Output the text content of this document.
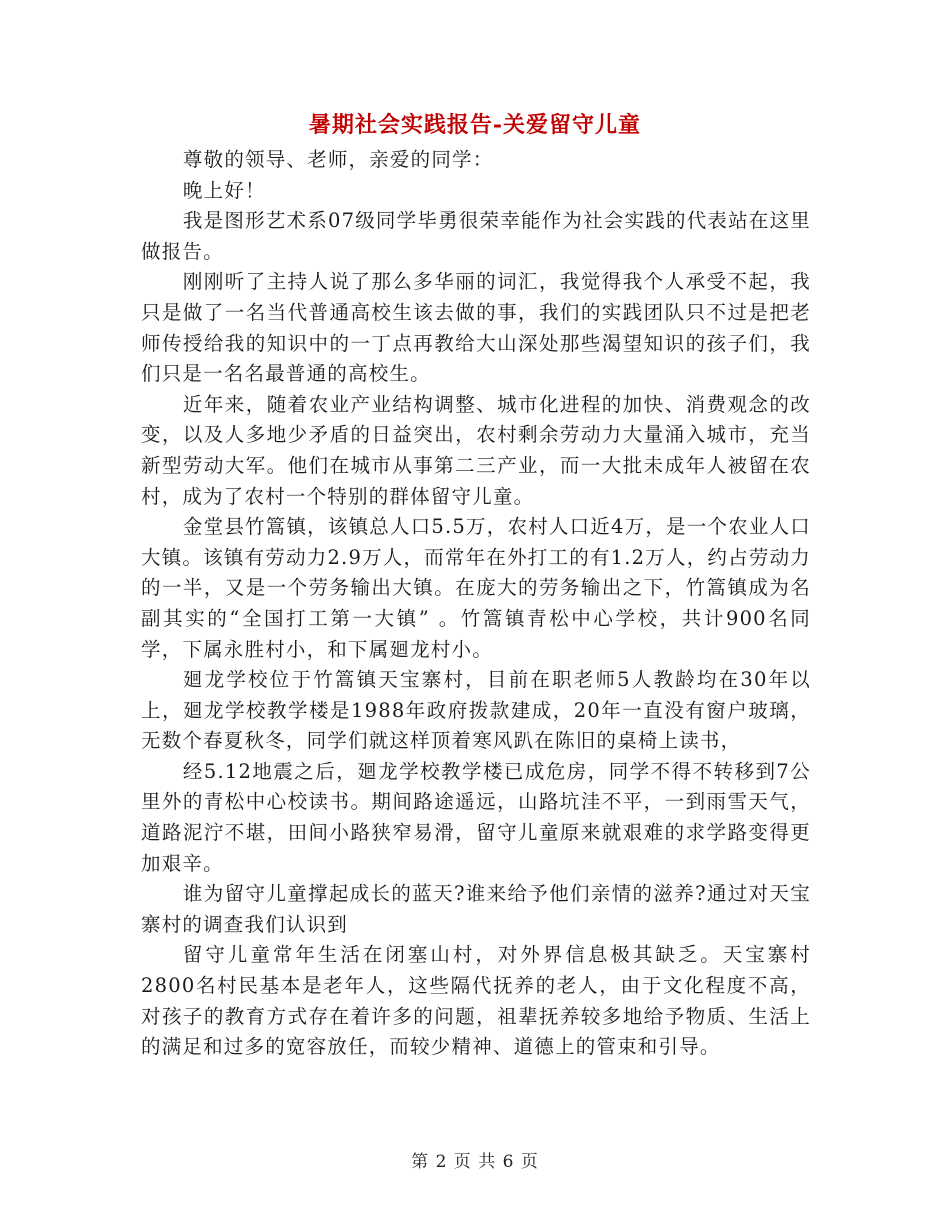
暑期社会实践报告-关爱留守儿童

尊敬的领导、老师，亲爱的同学：

晚上好！

我是图形艺术系07级同学毕勇很荣幸能作为社会实践的代表站在这里做报告。

刚刚听了主持人说了那么多华丽的词汇，我觉得我个人承受不起，我只是做了一名当代普通高校生该去做的事，我们的实践团队只不过是把老师传授给我的知识中的一丁点再教给大山深处那些渴望知识的孩子们，我们只是一名名最普通的高校生。

近年来，随着农业产业结构调整、城市化进程的加快、消费观念的改变，以及人多地少矛盾的日益突出，农村剩余劳动力大量涌入城市，充当新型劳动大军。他们在城市从事第二三产业，而一大批未成年人被留在农村，成为了农村一个特别的群体留守儿童。

金堂县竹篙镇，该镇总人口5.5万，农村人口近4万，是一个农业人口大镇。该镇有劳动力2.9万人，而常年在外打工的有1.2万人，约占劳动力的一半，又是一个劳务输出大镇。在庞大的劳务输出之下，竹篙镇成为名副其实的“全国打工第一大镇” 。竹篙镇青松中心学校，共计900名同学，下属永胜村小，和下属廻龙村小。

廻龙学校位于竹篙镇天宝寨村，目前在职老师5人教龄均在30年以上，廻龙学校教学楼是1988年政府拨款建成，20年一直没有窗户玻璃，无数个春夏秋冬，同学们就这样顶着寒风趴在陈旧的桌椅上读书，

经5.12地震之后，廻龙学校教学楼已成危房，同学不得不转移到7公里外的青松中心校读书。期间路途遥远，山路坑洼不平，一到雨雪天气，道路泥泞不堪，田间小路狭窄易滑，留守儿童原来就艰难的求学路变得更加艰辛。

谁为留守儿童撑起成长的蓝天?谁来给予他们亲情的滋养?通过对天宝寨村的调查我们认识到

留守儿童常年生活在闭塞山村，对外界信息极其缺乏。天宝寨村2800名村民基本是老年人，这些隔代抚养的老人，由于文化程度不高，对孩子的教育方式存在着许多的问题，祖辈抚养较多地给予物质、生活上的满足和过多的宽容放任，而较少精神、道德上的管束和引导。

第 2 页 共 6 页
